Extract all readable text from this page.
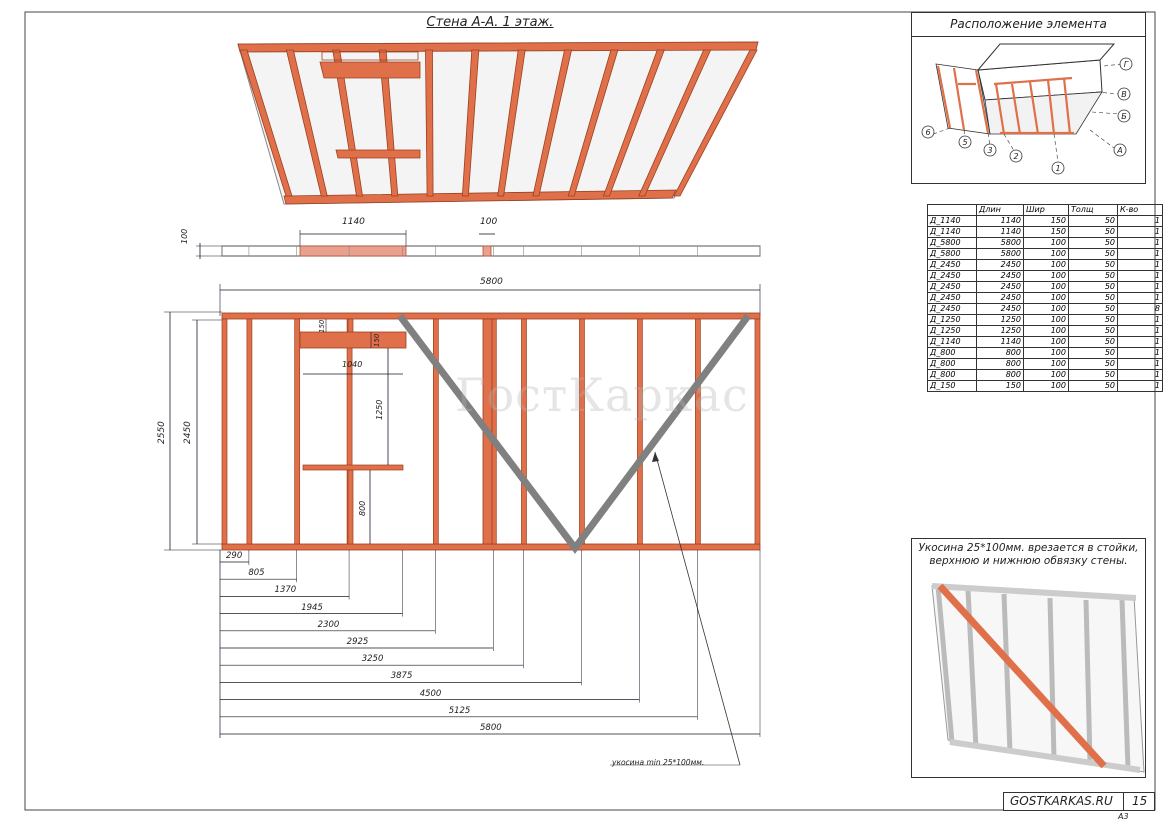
1
2
3
5
6
А
Б
В
Г
ГостКаркас
Стена А-А. 1 этаж.	Расположение элемента
	Длин	Шир	Толщ	К-во
Д_1140	1140	150	50	1
Д_1140	1140	150	50	1
Д_5800	5800	100	50	1
Д_5800	5800	100	50	1
Д_2450	2450	100	50	1
Д_2450	2450	100	50	1
Д_2450	2450	100	50	1
Д_2450	2450	100	50	1
Д_2450	2450	100	50	8
Д_1250	1250	100	50	1
Д_1250	1250	100	50	1
Д_1140	1140	100	50	1
Д_800	800	100	50	1
Д_800	800	100	50	1
Д_800	800	100	50	1
Д_150	150	100	50	1
Укосина 25*100мм. врезается в стойки, верхнюю и нижнюю обвязку стены.
GOSTKARKAS.RU 15
А3
1140	100
100
5800
2550 2450
150
150
1040
1250
800
укосина min 25*100мм.
290
805
1370
1945
2300
2925
3250
3875
4500
5125
5800
